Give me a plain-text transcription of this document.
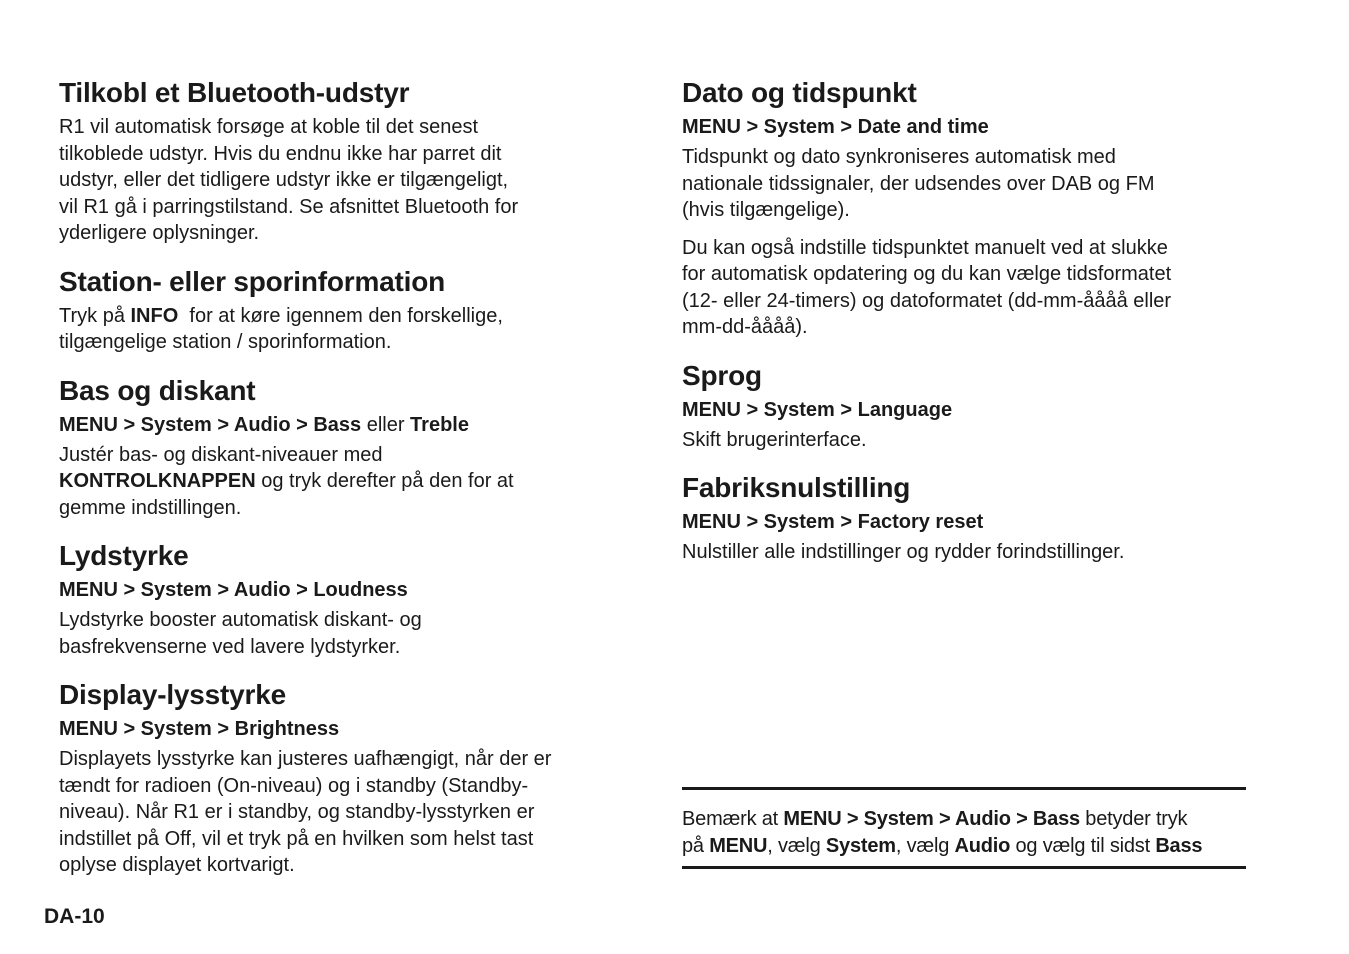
Tilkobl et Bluetooth-udstyr

R1 vil automatisk forsøge at koble til det senest
tilkoblede udstyr. Hvis du endnu ikke har parret dit
udstyr, eller det tidligere udstyr ikke er tilgængeligt,
vil R1 gå i parringstilstand. Se afsnittet Bluetooth for
yderligere oplysninger.

Station- eller sporinformation

Tryk på INFO  for at køre igennem den forskellige,
tilgængelige station / sporinformation.

Bas og diskant
MENU > System > Audio > Bass eller Treble

Justér bas- og diskant-niveauer med
KONTROLKNAPPEN og tryk derefter på den for at
gemme indstillingen.

Lydstyrke
MENU > System > Audio > Loudness

Lydstyrke booster automatisk diskant- og
basfrekvenserne ved lavere lydstyrker.

Display-lysstyrke
MENU > System > Brightness

Displayets lysstyrke kan justeres uafhængigt, når der er
tændt for radioen (On-niveau) og i standby (Standby-
niveau). Når R1 er i standby, og standby-lysstyrken er
indstillet på Off, vil et tryk på en hvilken som helst tast
oplyse displayet kortvarigt.

Dato og tidspunkt
MENU > System > Date and time

Tidspunkt og dato synkroniseres automatisk med
nationale tidssignaler, der udsendes over DAB og FM
(hvis tilgængelige).

Du kan også indstille tidspunktet manuelt ved at slukke
for automatisk opdatering og du kan vælge tidsformatet
(12- eller 24-timers) og datoformatet (dd-mm-åååå eller
mm-dd-åååå).

Sprog
MENU > System > Language

Skift brugerinterface.

Fabriksnulstilling
MENU > System > Factory reset

Nulstiller alle indstillinger og rydder forindstillinger.

Bemærk at MENU > System > Audio > Bass betyder tryk
på MENU, vælg System, vælg Audio og vælg til sidst Bass

DA-10
